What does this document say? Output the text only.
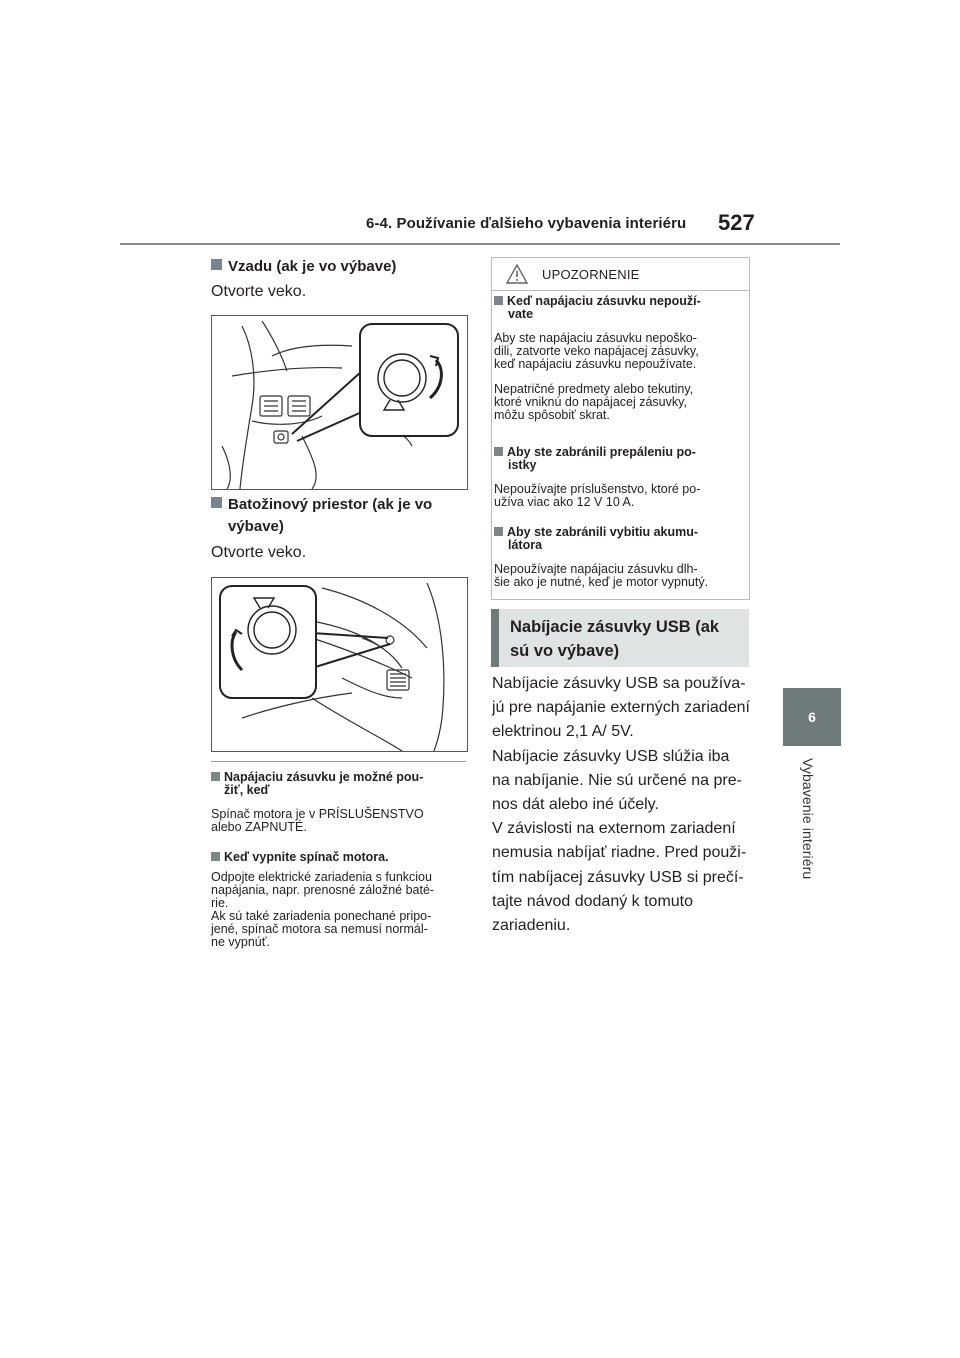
6-4. Používanie ďalšieho vybavenia interiéru 527
6
Vybavenie interiéru
Vzadu (ak je vo výbave)
Otvorte veko.
Batožinový priestor (ak je vo
výbave)
Otvorte veko.
Napájaciu zásuvku je možné pou-
žiť, keď
Spínač motora je v PRÍSLUŠENSTVO
alebo ZAPNUTÉ.
Keď vypnite spínač motora.
Odpojte elektrické zariadenia s funkciou
napájania, napr. prenosné záložné baté-
rie.
Ak sú také zariadenia ponechané pripo-
jené, spínač motora sa nemusí normál-
ne vypnúť.
UPOZORNENIE
Keď napájaciu zásuvku nepouží-
vate
Aby ste napájaciu zásuvku nepoško-
dili, zatvorte veko napájacej zásuvky,
keď napájaciu zásuvku nepoužívate.
Nepatričné predmety alebo tekutiny,
ktoré vniknú do napájacej zásuvky,
môžu spôsobiť skrat.
Aby ste zabránili prepáleniu po-
istky
Nepoužívajte príslušenstvo, ktoré po-
užíva viac ako 12 V 10 A.
Aby ste zabránili vybitiu akumu-
látora
Nepoužívajte napájaciu zásuvku dlh-
šie ako je nutné, keď je motor vypnutý.
Nabíjacie zásuvky USB (ak
sú vo výbave)
Nabíjacie zásuvky USB sa používa-
jú pre napájanie externých zariadení
elektrinou 2,1 A/ 5V.
Nabíjacie zásuvky USB slúžia iba
na nabíjanie. Nie sú určené na pre-
nos dát alebo iné účely.
V závislosti na externom zariadení
nemusia nabíjať riadne. Pred použi-
tím nabíjacej zásuvky USB si prečí-
tajte návod dodaný k tomuto
zariadeniu.
